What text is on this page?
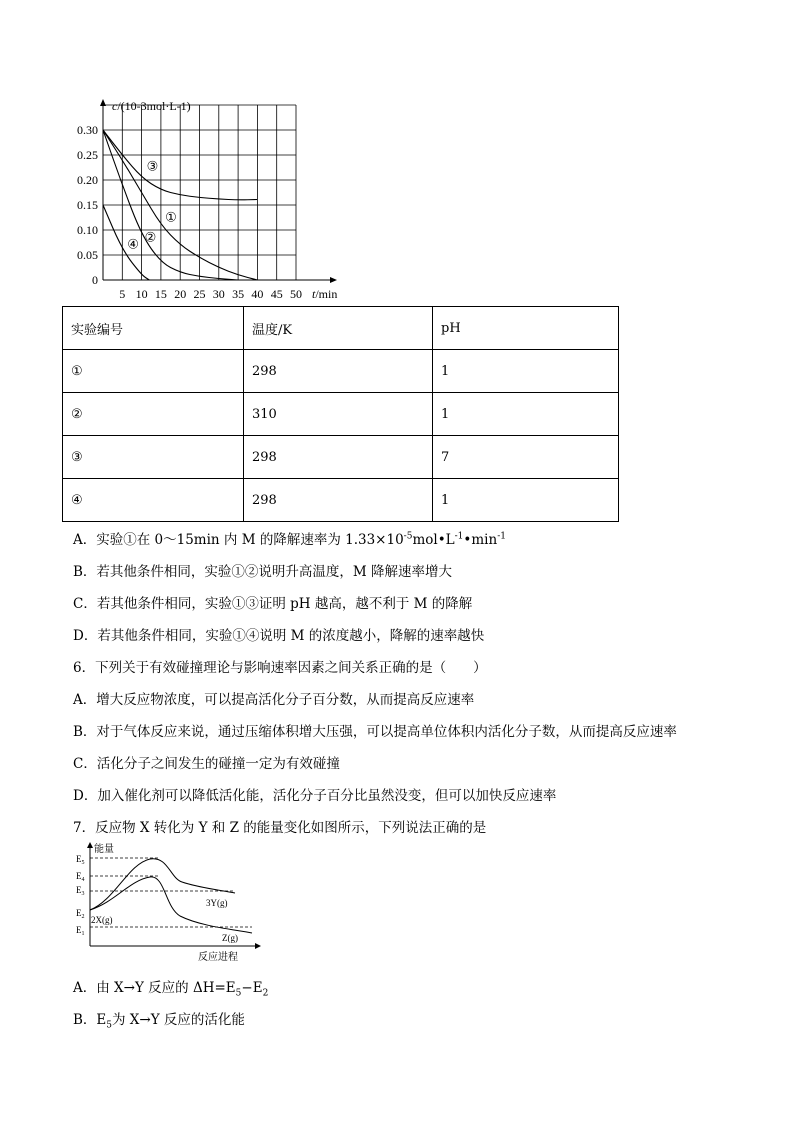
c/(10-3mol·L-1)
t/min
0.30
0.25
0.20
0.15
0.10
0.05
0
5 10 15 20 25 30 35 40 45 50
③
①
②
④
实验编号	温度/K	pH
①	298	1
②	310	1
③	298	7
④	298	1
A．实验①在 0～15min 内 M 的降解速率为 $1.33\times 10^{-5}mol•L^{-1}•\min^{-1}$
B．若其他条件相同，实验①②说明升高温度，M 降解速率增大
C．若其他条件相同，实验①③证明 pH 越高，越不利于 M 的降解
D．若其他条件相同，实验①④说明 M 的浓度越小，降解的速率越快
6．下列关于有效碰撞理论与影响速率因素之间关系正确的是（　　）
A．增大反应物浓度，可以提高活化分子百分数，从而提高反应速率
B．对于气体反应来说，通过压缩体积增大压强，可以提高单位体积内活化分子数，从而提高反应速率
C．活化分子之间发生的碰撞一定为有效碰撞
D．加入催化剂可以降低活化能，活化分子百分比虽然没变，但可以加快反应速率
7．反应物 X 转化为 Y 和 Z 的能量变化如图所示，下列说法正确的是
能量
反应进程
$E_5$
$E_4$
$E_3$
$E_2$
$E_1$
2X(g)
3Y(g)
Z(g)
A．由 X→Y 反应的 $\Delta H=E_5-E_2$
B．$E_5$为 X→Y 反应的活化能
